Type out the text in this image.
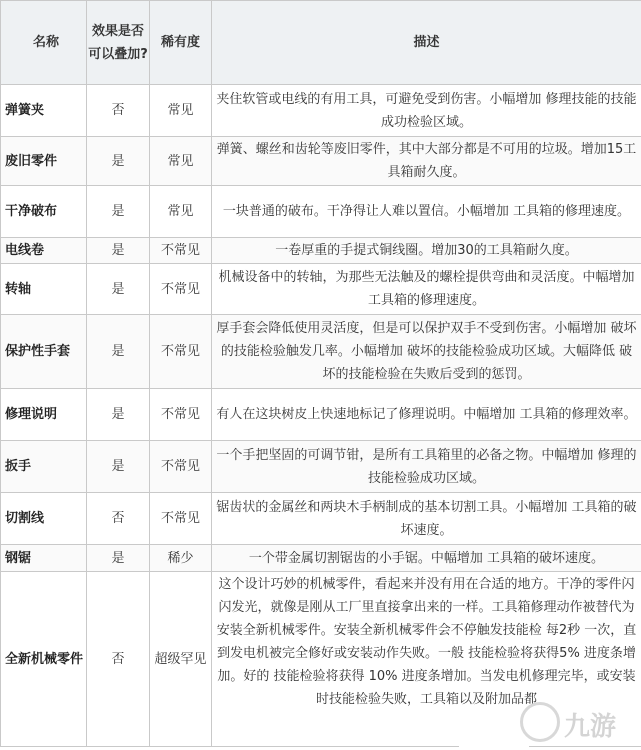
名称	效果是否可以叠加?	稀有度	描述
弹簧夹	否	常见	夹住软管或电线的有用工具，可避免受到伤害。小幅增加 修理技能的技能成功检验区域。
废旧零件	是	常见	弹簧、螺丝和齿轮等废旧零件，其中大部分都是不可用的垃圾。增加15工具箱耐久度。
干净破布	是	常见	一块普通的破布。干净得让人难以置信。小幅增加 工具箱的修理速度。
电线卷	是	不常见	一卷厚重的手提式铜线圈。增加30的工具箱耐久度。
转轴	是	不常见	机械设备中的转轴，为那些无法触及的螺栓提供弯曲和灵活度。中幅增加 工具箱的修理速度。
保护性手套	是	不常见	厚手套会降低使用灵活度，但是可以保护双手不受到伤害。小幅增加 破坏的技能检验触发几率。小幅增加 破坏的技能检验成功区域。大幅降低 破坏的技能检验在失败后受到的惩罚。
修理说明	是	不常见	有人在这块树皮上快速地标记了修理说明。中幅增加 工具箱的修理效率。
扳手	是	不常见	一个手把坚固的可调节钳，是所有工具箱里的必备之物。中幅增加 修理的技能检验成功区域。
切割线	否	不常见	锯齿状的金属丝和两块木手柄制成的基本切割工具。小幅增加 工具箱的破坏速度。
钢锯	是	稀少	一个带金属切割锯齿的小手锯。中幅增加 工具箱的破坏速度。
全新机械零件	否	超级罕见	这个设计巧妙的机械零件，看起来并没有用在合适的地方。干净的零件闪闪发光，就像是刚从工厂里直接拿出来的一样。工具箱修理动作被替代为安装全新机械零件。安装全新机械零件会不停触发技能检 每2秒 一次，直到发电机被完全修好或安装动作失败。一般 技能检验将获得5% 进度条增加。好的 技能检验将获得 10% 进度条增加。当发电机修理完毕，或安装时技能检验失败，工具箱以及附加品都
九游
